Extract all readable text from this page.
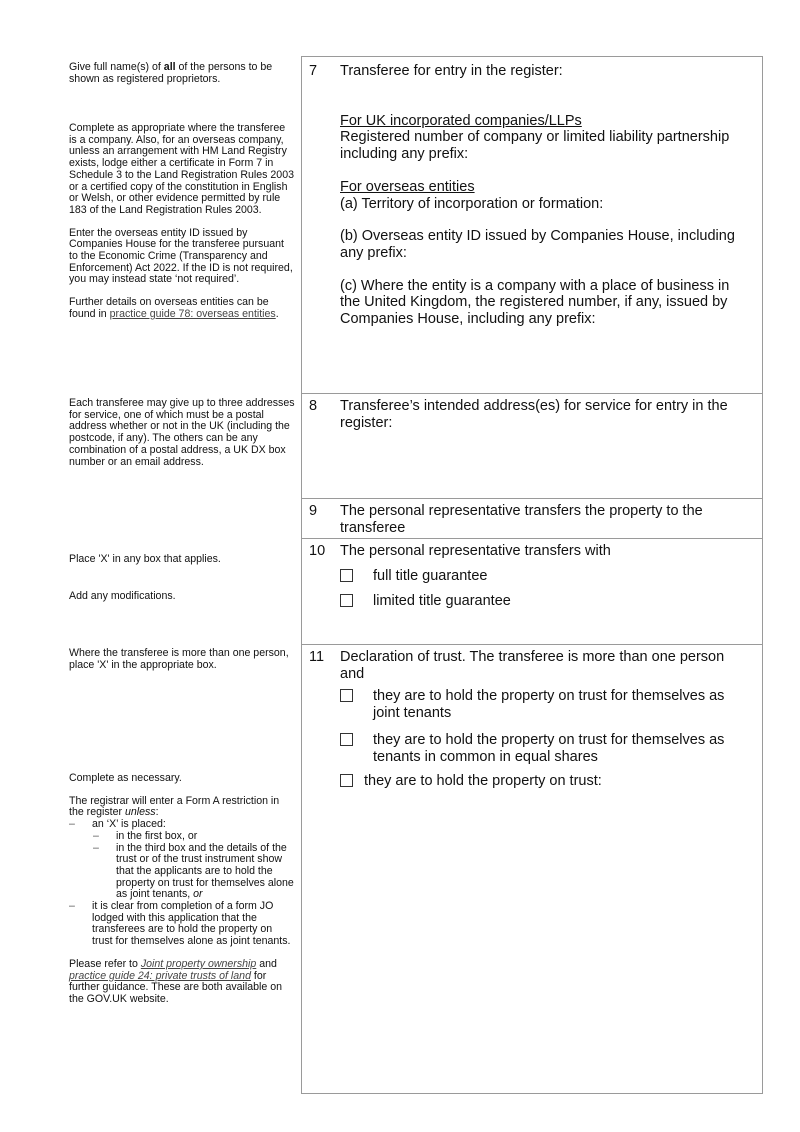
Give full name(s) of all of the persons to be shown as registered proprietors.

Complete as appropriate where the transferee is a company. Also, for an overseas company, unless an arrangement with HM Land Registry exists, lodge either a certificate in Form 7 in Schedule 3 to the Land Registration Rules 2003 or a certified copy of the constitution in English or Welsh, or other evidence permitted by rule 183 of the Land Registration Rules 2003.

Enter the overseas entity ID issued by Companies House for the transferee pursuant to the Economic Crime (Transparency and Enforcement) Act 2022. If the ID is not required, you may instead state ‘not required’.

Further details on overseas entities can be found in practice guide 78: overseas entities.

Each transferee may give up to three addresses for service, one of which must be a postal address whether or not in the UK (including the postcode, if any). The others can be any combination of a postal address, a UK DX box number or an email address.

Place 'X' in any box that applies.

Add any modifications.

Where the transferee is more than one person, place 'X' in the appropriate box.

Complete as necessary.

The registrar will enter a Form A restriction in the register unless:

– an ‘X’ is placed:
– in the first box, or
– in the third box and the details of the trust or of the trust instrument show that the applicants are to hold the property on trust for themselves alone as joint tenants, or
– it is clear from completion of a form JO lodged with this application that the transferees are to hold the property on trust for themselves alone as joint tenants.

Please refer to Joint property ownership and practice guide 24: private trusts of land for further guidance. These are both available on the GOV.UK website.

7 Transferee for entry in the register:

For UK incorporated companies/LLPs

Registered number of company or limited liability partnership including any prefix:

For overseas entities

(a) Territory of incorporation or formation:

(b) Overseas entity ID issued by Companies House, including any prefix:

(c) Where the entity is a company with a place of business in the United Kingdom, the registered number, if any, issued by Companies House, including any prefix:

8 Transferee’s intended address(es) for service for entry in the register:

9 The personal representative transfers the property to the transferee

10 The personal representative transfers with

full title guarantee
limited title guarantee
11 Declaration of trust. The transferee is more than one person and

they are to hold the property on trust for themselves as joint tenants
they are to hold the property on trust for themselves as tenants in common in equal shares
they are to hold the property on trust:
